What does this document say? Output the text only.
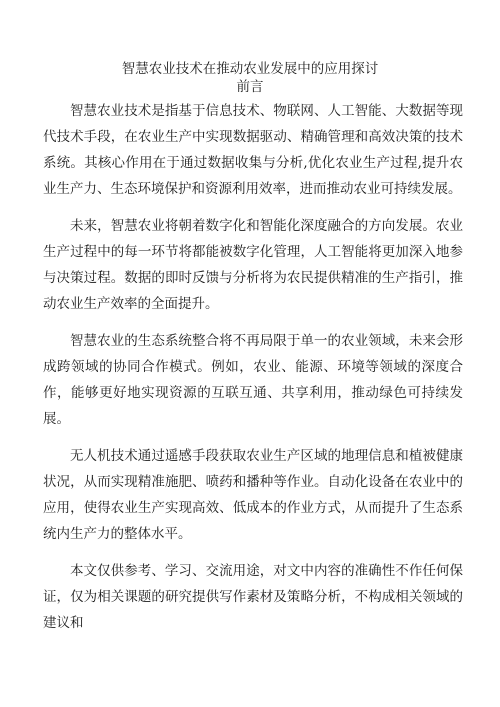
智慧农业技术在推动农业发展中的应用探讨
前言

智慧农业技术是指基于信息技术、物联网、人工智能、大数据等现代技术手段，在农业生产中实现数据驱动、精确管理和高效决策的技术系统。其核心作用在于通过数据收集与分析,优化农业生产过程,提升农业生产力、生态环境保护和资源利用效率，进而推动农业可持续发展。

未来，智慧农业将朝着数字化和智能化深度融合的方向发展。农业生产过程中的每一环节将都能被数字化管理，人工智能将更加深入地参与决策过程。数据的即时反馈与分析将为农民提供精准的生产指引，推动农业生产效率的全面提升。

智慧农业的生态系统整合将不再局限于单一的农业领域，未来会形成跨领域的协同合作模式。例如，农业、能源、环境等领域的深度合作，能够更好地实现资源的互联互通、共享利用，推动绿色可持续发展。

无人机技术通过遥感手段获取农业生产区域的地理信息和植被健康状况，从而实现精准施肥、喷药和播种等作业。自动化设备在农业中的应用，使得农业生产实现高效、低成本的作业方式，从而提升了生态系统内生产力的整体水平。

本文仅供参考、学习、交流用途，对文中内容的准确性不作任何保证，仅为相关课题的研究提供写作素材及策略分析，不构成相关领域的建议和
